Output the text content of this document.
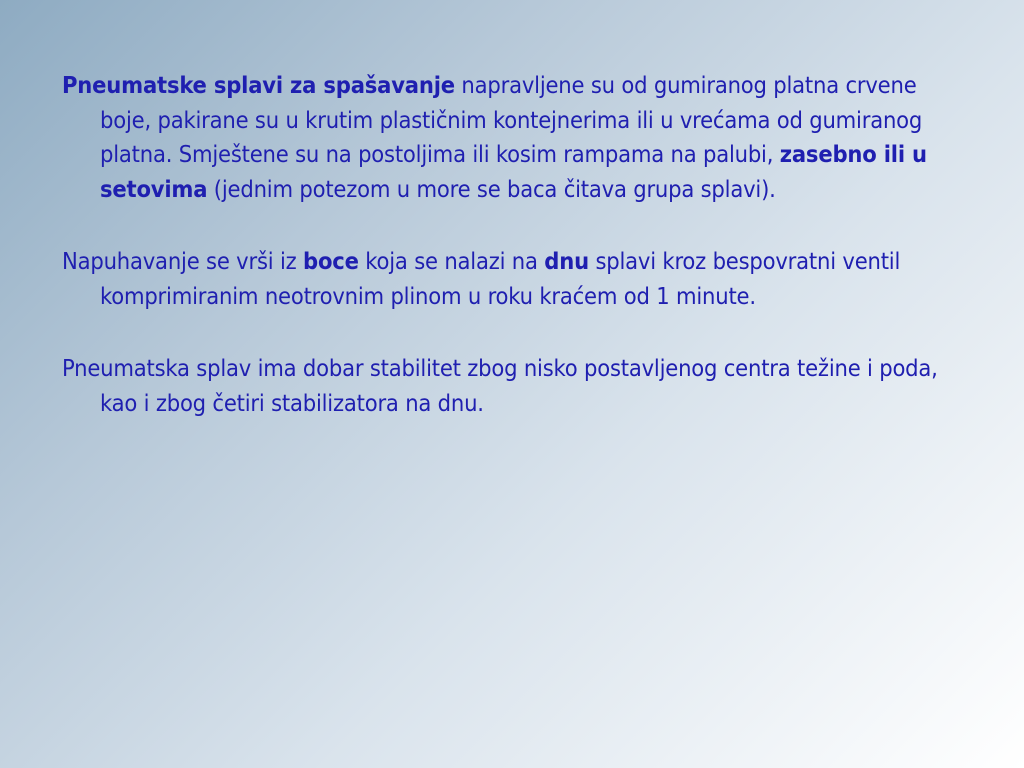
Pneumatske splavi za spašavanje napravljene su od gumiranog platna crvene boje, pakirane su u krutim plastičnim kontejnerima ili u vrećama od gumiranog platna. Smještene su na postoljima ili kosim rampama na palubi, zasebno ili u setovima (jednim potezom u more se baca čitava grupa splavi).

Napuhavanje se vrši iz boce koja se nalazi na dnu splavi kroz bespovratni ventil komprimiranim neotrovnim plinom u roku kraćem od 1 minute.

Pneumatska splav ima dobar stabilitet zbog nisko postavljenog centra težine i poda, kao i zbog četiri stabilizatora na dnu.
